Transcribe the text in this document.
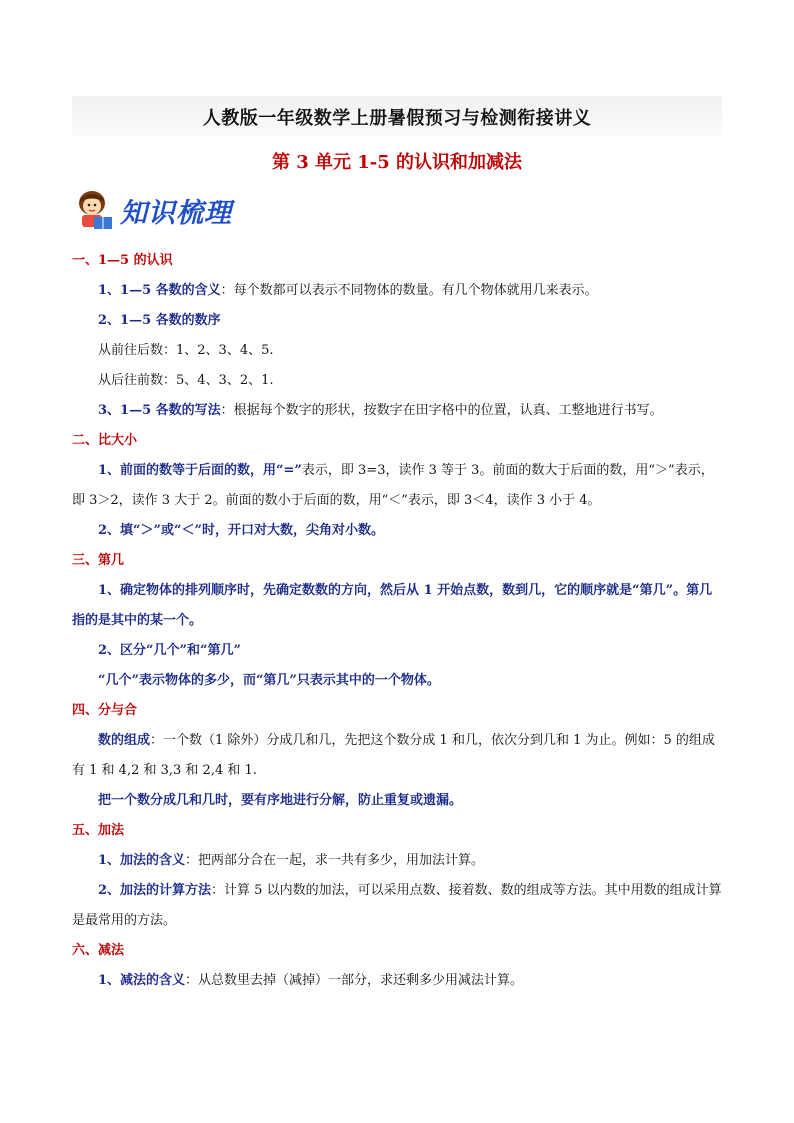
人教版一年级数学上册暑假预习与检测衔接讲义
第 3 单元 1-5 的认识和加减法
知识梳理
一、1—5 的认识
1、1—5 各数的含义：每个数都可以表示不同物体的数量。有几个物体就用几来表示。
2、1—5 各数的数序
从前往后数：1、2、3、4、5.
从后往前数：5、4、3、2、1.
3、1—5 各数的写法：根据每个数字的形状，按数字在田字格中的位置，认真、工整地进行书写。
二、比大小
1、前面的数等于后面的数，用“=”表示，即 3=3，读作 3 等于 3。前面的数大于后面的数，用“＞”表示，即 3＞2，读作 3 大于 2。前面的数小于后面的数，用“＜”表示，即 3＜4，读作 3 小于 4。
2、填“＞”或“＜”时，开口对大数，尖角对小数。
三、第几
1、确定物体的排列顺序时，先确定数数的方向，然后从 1 开始点数，数到几，它的顺序就是“第几”。第几指的是其中的某一个。
2、区分“几个”和“第几”
“几个”表示物体的多少，而“第几”只表示其中的一个物体。
四、分与合
数的组成：一个数（1 除外）分成几和几，先把这个数分成 1 和几，依次分到几和 1 为止。例如：5 的组成有 1 和 4,2 和 3,3 和 2,4 和 1.
把一个数分成几和几时，要有序地进行分解，防止重复或遗漏。
五、加法
1、加法的含义：把两部分合在一起，求一共有多少，用加法计算。
2、加法的计算方法：计算 5 以内数的加法，可以采用点数、接着数、数的组成等方法。其中用数的组成计算是最常用的方法。
六、减法
1、减法的含义：从总数里去掉（减掉）一部分，求还剩多少用减法计算。
